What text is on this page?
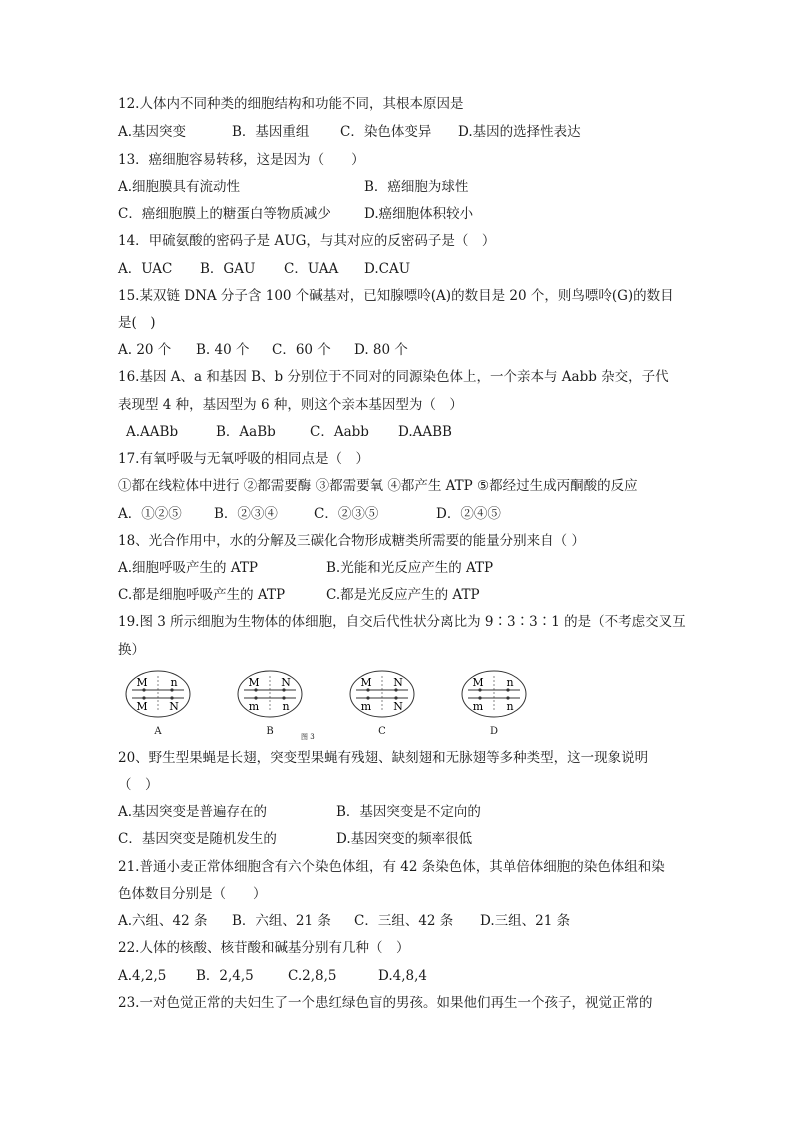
12.人体内不同种类的细胞结构和功能不同，其根本原因是
A.基因突变	B．基因重组 C．染色体变异 D.基因的选择性表达
13．癌细胞容易转移，这是因为（　　）
A.细胞膜具有流动性	B．癌细胞为球性
C．癌细胞膜上的糖蛋白等物质减少 D.癌细胞体积较小
14．甲硫氨酸的密码子是 AUG，与其对应的反密码子是（　）
A．UAC B．GAU C．UAA D.CAU
15.某双链 DNA 分子含 100 个碱基对，已知腺嘌呤(A)的数目是 20 个，则鸟嘌呤(G)的数目
是(　)
A. 20 个 B. 40 个 C．60 个 D. 80 个
16.基因 A、a 和基因 B、b 分别位于不同对的同源染色体上，一个亲本与 Aabb 杂交，子代
表现型 4 种，基因型为 6 种，则这个亲本基因型为（　）
A.AABb	B．AaBb	C．Aabb D.AABB
17.有氧呼吸与无氧呼吸的相同点是（　）
①都在线粒体中进行 ②都需要酶 ③都需要氧 ④都产生 ATP ⑤都经过生成丙酮酸的反应
A．①②⑤ B．②③④	C．②③⑤	D．②④⑤
18、光合作用中，水的分解及三碳化合物形成糖类所需要的能量分别来自（ ）
A.细胞呼吸产生的 ATP	B.光能和光反应产生的 ATP
C.都是细胞呼吸产生的 ATP	C.都是光反应产生的 ATP
19.图 3 所示细胞为生物体的体细胞，自交后代性状分离比为 9∶3∶3∶1 的是（不考虑交叉互
换）
M n
M N
A
M N
m n
B
M N
m N
C
M n
m n
D
图 3
20、野生型果蝇是长翅，突变型果蝇有残翅、缺刻翅和无脉翅等多种类型，这一现象说明
（　）
A.基因突变是普遍存在的	B．基因突变是不定向的
C．基因突变是随机发生的	D.基因突变的频率很低
21.普通小麦正常体细胞含有六个染色体组，有 42 条染色体，其单倍体细胞的染色体组和染
色体数目分别是（　　）
A.六组、42 条 B．六组、21 条 C．三组、42 条 D.三组、21 条
22.人体的核酸、核苷酸和碱基分别有几种（　）
A.4,2,5 B．2,4,5	C.2,8,5	D.4,8,4
23.一对色觉正常的夫妇生了一个患红绿色盲的男孩。如果他们再生一个孩子，视觉正常的
